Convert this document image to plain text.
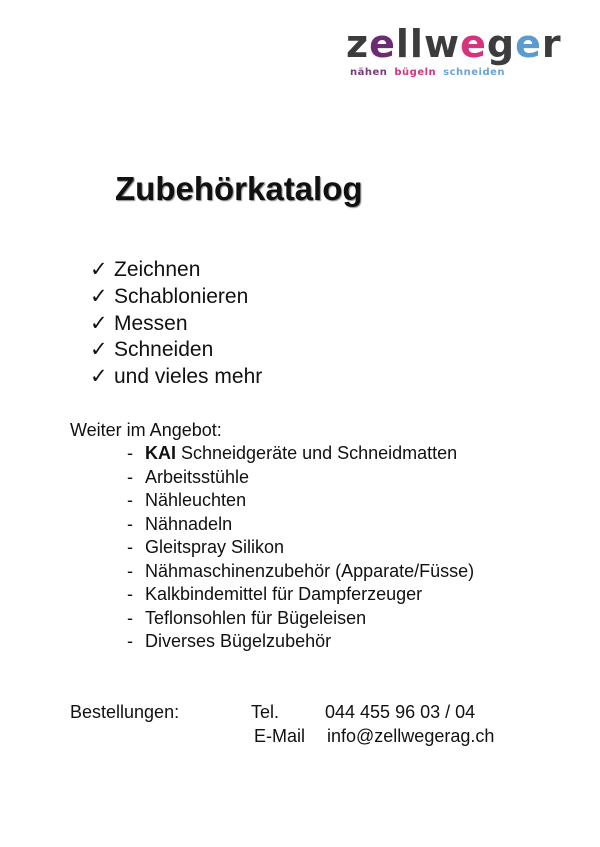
zellweger
nähen bügeln schneiden
Zubehörkatalog
✓ Zeichnen
✓ Schablonieren
✓ Messen
✓ Schneiden
✓ und vieles mehr
Weiter im Angebot:
- KAI Schneidgeräte und Schneidmatten
- Arbeitsstühle
- Nähleuchten
- Nähnadeln
- Gleitspray Silikon
- Nähmaschinenzubehör (Apparate/Füsse)
- Kalkbindemittel für Dampferzeuger
- Teflonsohlen für Bügeleisen
- Diverses Bügelzubehör
Bestellungen:	Tel.	044 455 96 03 / 04
E-Mail info@zellwegerag.ch
